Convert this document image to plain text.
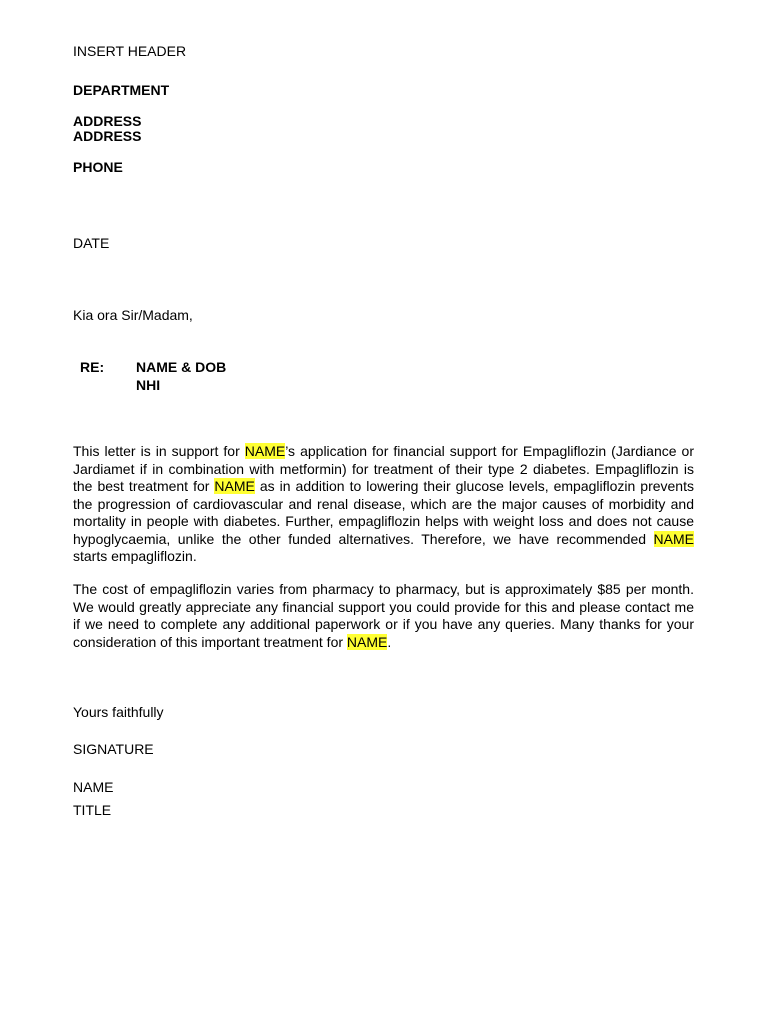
INSERT HEADER
DEPARTMENT
ADDRESS
ADDRESS
PHONE
DATE
Kia ora Sir/Madam,
RE: NAME & DOB
NHI
This letter is in support for NAME’s application for financial support for Empagliflozin (Jardiance or Jardiamet if in combination with metformin) for treatment of their type 2 diabetes. Empagliflozin is the best treatment for NAME as in addition to lowering their glucose levels, empagliflozin prevents the progression of cardiovascular and renal disease, which are the major causes of morbidity and mortality in people with diabetes. Further, empagliflozin helps with weight loss and does not cause hypoglycaemia, unlike the other funded alternatives. Therefore, we have recommended NAME starts empagliflozin.
The cost of empagliflozin varies from pharmacy to pharmacy, but is approximately $85 per month. We would greatly appreciate any financial support you could provide for this and please contact me if we need to complete any additional paperwork or if you have any queries. Many thanks for your consideration of this important treatment for NAME.
Yours faithfully
SIGNATURE
NAME
TITLE
